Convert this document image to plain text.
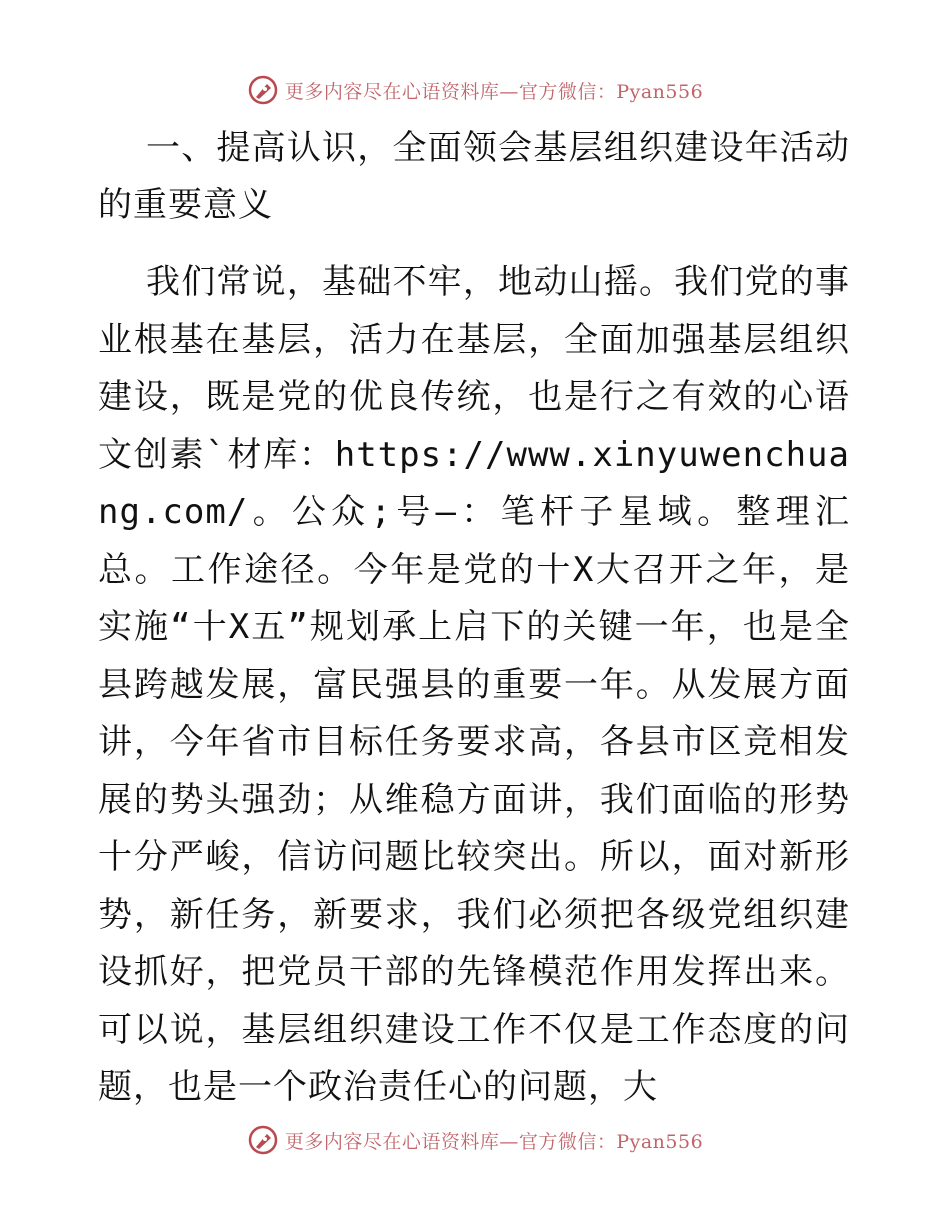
更多内容尽在心语资料库—官方微信：Pyan556

一、提高认识，全面领会基层组织建设年活动的重要意义

我们常说，基础不牢，地动山摇。我们党的事业根基在基层，活力在基层，全面加强基层组织建设，既是党的优良传统，也是行之有效的心语文创素`材库：https://www.xinyuwenchuang.com/。公众;号—：笔杆子星域。整理汇总。工作途径。今年是党的十X大召开之年，是实施“十X五”规划承上启下的关键一年，也是全县跨越发展，富民强县的重要一年。从发展方面讲，今年省市目标任务要求高，各县市区竞相发展的势头强劲；从维稳方面讲，我们面临的形势十分严峻，信访问题比较突出。所以，面对新形势，新任务，新要求，我们必须把各级党组织建设抓好，把党员干部的先锋模范作用发挥出来。可以说，基层组织建设工作不仅是工作态度的问题，也是一个政治责任心的问题，大

更多内容尽在心语资料库—官方微信：Pyan556
